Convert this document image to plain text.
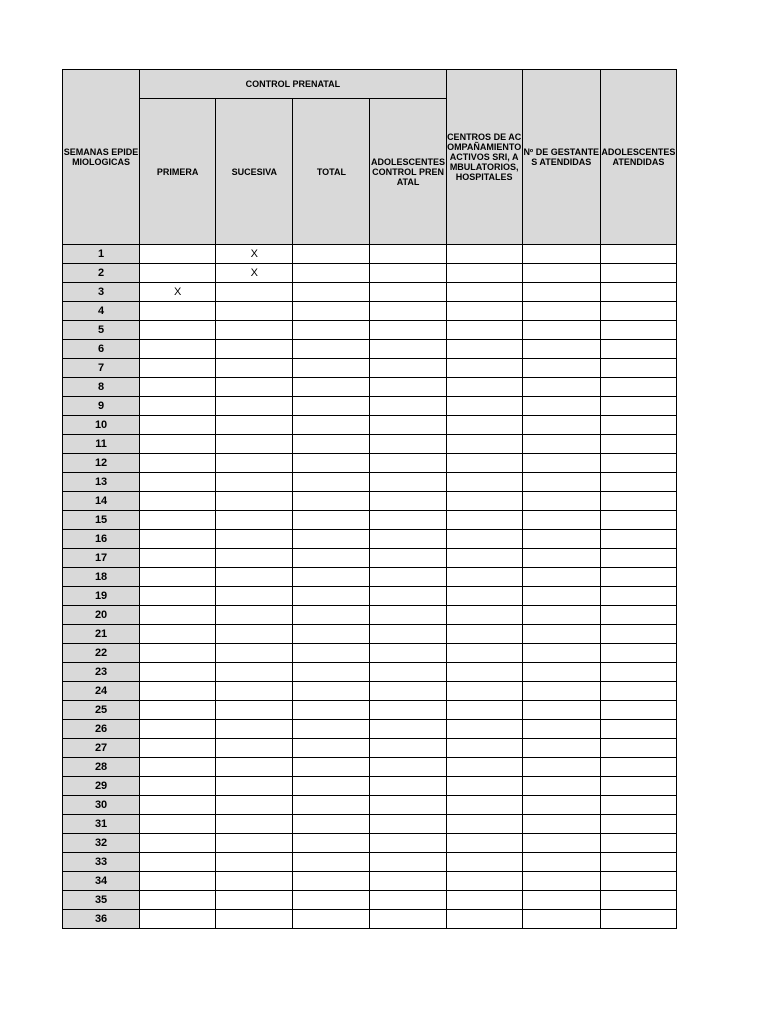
SEMANAS EPIDEMIOLOGICAS	CONTROL PRENATAL				CENTROS DE ACOMPAÑAMIENTO ACTIVOS SRI, AMBULATORIOS, HOSPITALES	Nº DE GESTANTES ATENDIDAS	ADOLESCENTES ATENDIDAS
	PRIMERA	SUCESIVA	TOTAL	ADOLESCENTES CONTROL PRENATAL			
1		X					
2		X					
3	X						
4							
5							
6							
7							
8							
9							
10							
11							
12							
13							
14							
15							
16							
17							
18							
19							
20							
21							
22							
23							
24							
25							
26							
27							
28							
29							
30							
31							
32							
33							
34							
35							
36							
